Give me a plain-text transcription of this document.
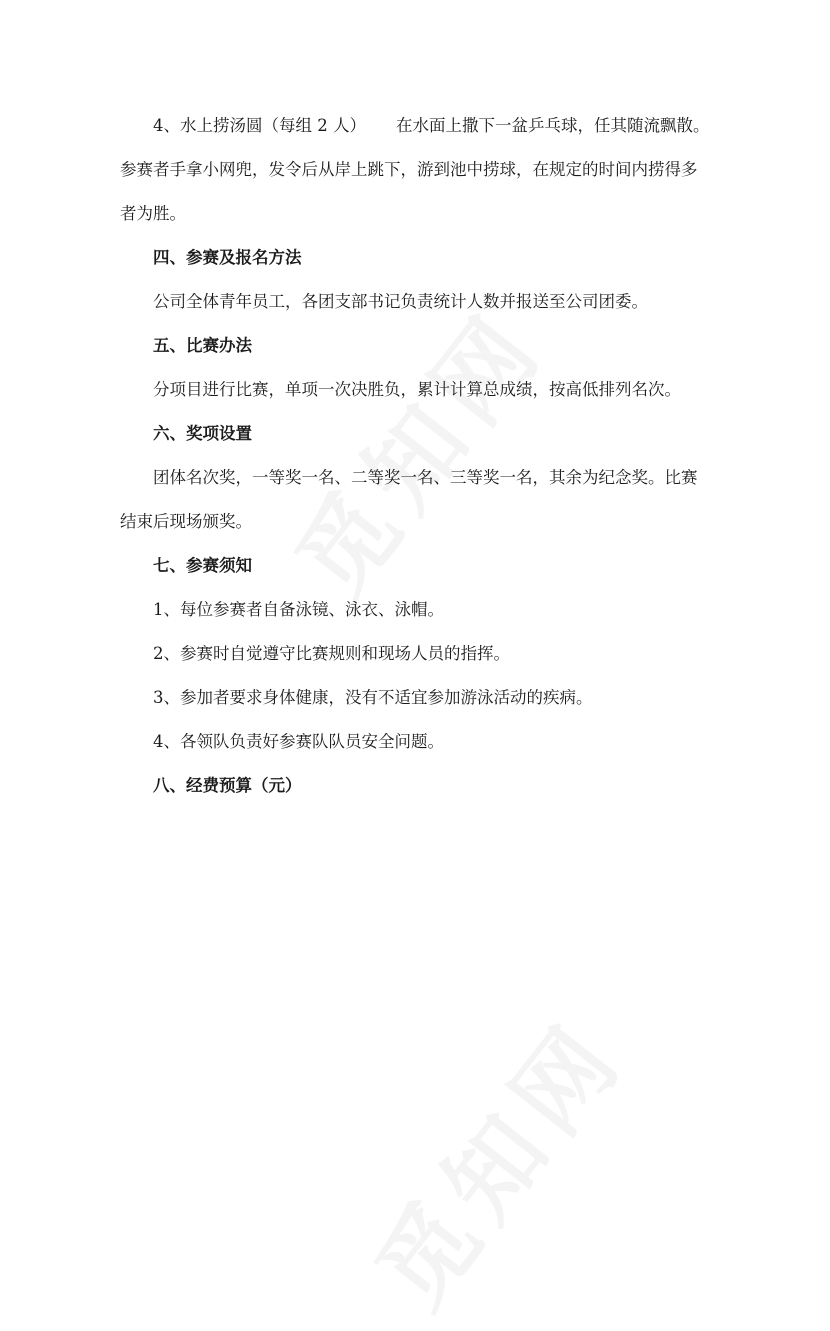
4、水上捞汤圆（每组 2 人） 在水面上撒下一盆乒乓球，任其随流飘散。参赛者手拿小网兜，发令后从岸上跳下，游到池中捞球，在规定的时间内捞得多者为胜。

四、参赛及报名方法

公司全体青年员工，各团支部书记负责统计人数并报送至公司团委。

五、比赛办法

分项目进行比赛，单项一次决胜负，累计计算总成绩，按高低排列名次。

六、奖项设置

团体名次奖，一等奖一名、二等奖一名、三等奖一名，其余为纪念奖。比赛结束后现场颁奖。

七、参赛须知

1、每位参赛者自备泳镜、泳衣、泳帽。

2、参赛时自觉遵守比赛规则和现场人员的指挥。

3、参加者要求身体健康，没有不适宜参加游泳活动的疾病。

4、各领队负责好参赛队队员安全问题。

八、经费预算（元）
